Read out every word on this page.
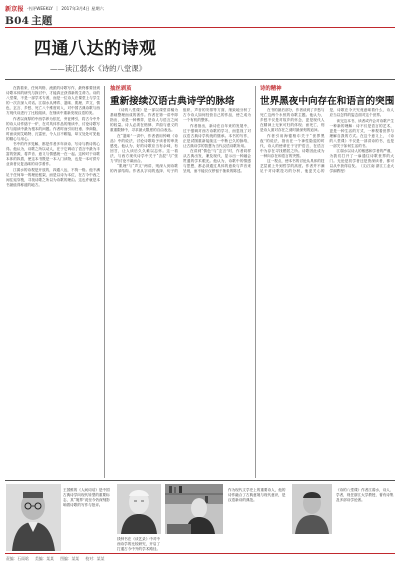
新京报 ·书评WEEKLY │ 2017年3月4日 星期六
B04 主题
四通八达的诗观
——读江弱水《诗的八堂课》

在我看来，任何风格、流派的诗歌写作，最终都要回到诗歌本体的研究与探讨中，才能真正获得新的生命力。诗的八堂课，不是一部学术专著，而是一位诗人在课堂上与学生的一次次深入对话。江弱水从博弈、滋味、肌理、声文、情色、玄言、乡愁、死亡八个维度切入，对中国古典诗歌与西方现代诗进行了比较阅读，在细读中重新发现汉语的美。

作者以深厚的中西学养为依托，旁征博引，将古今中外的诗人诗作熔于一炉，在对具体作品的细读中，讨论诗歌写作与阅读中最为根本的问题。作者时而引用杜甫、李商隐，时而谈到艾略特、瓦雷里，令人目不暇接，却又处处可见他的精心与用心。

书中的许多见解，都是作者多年读诗、写诗与教诗的心得。他认为，诗歌之所以动人，在于它调动了语言中最为丰富的资源，将声音、意义与情感统一在一起。这种对于诗歌本体的执着，使这本书既是一本入门读物，也是一本可供专业读者反复品味的诗学著作。

江弱水的诗观是开放的，四通八达，不拘一格。他不满足于任何单一的理论框架，而是以诗为本位，在古今中西之间往返穿梭，寻找诗歌之所以为诗歌的理由。这也许就是本书最值得称道的地方。

抽丝剥茧
重新接续汉语古典诗学的脉络

《诗的八堂课》是一部以课堂讲稿为基础整理而成的著作。作者在第一讲中即指出，诗是一种博弈，是诗人与语言之间的较量。诗人必须在格律、声韵与意义的重重限制中，寻求最大限度的自由表达。

在“滋味”一讲中，作者借用钟嵘《诗品》中的说法，讨论诗歌给予读者的审美感受。他认为，好的诗歌应当有余味，有回甘，让人读后久久难以忘怀。这一看法，与西方现代诗学中关于“含混”与“张力”的讨论不谋而合。

“肌理”与“声文”两讲，则深入到诗歌的内部结构。作者从字词的选择、句子的组织、声音的安排等方面，细致地分析了古今诗人如何经营自己的作品，使之成为一个有机的整体。

作者指出，新诗在百年来的发展中，过于强调对西方诗歌的学习，而忽视了对汉语古典诗学传统的继承。本书的写作，正是试图重新接续这一中断已久的脉络，让古典诗学的智慧为当代汉语诗歌所用。

在讲到“情色”与“玄言”时，作者同样从古典出发，兼及现代，显示出一种融会贯通的学术眼光。他认为，诗歌中的情感与思想，都必须通过具体的意象与声音来呈现，而不能仅仅停留于抽象的陈述。

诗的精神
世界黑夜中向存在和语言的突围

在书的最后部分，作者谈到了乡愁与死亡这两个永恒的诗歌主题。他认为，乡愁不仅是对故乡的怀念，更是现代人在精神上无家可归的体现；而死亡，则是诗人面对存在之谜时最深刻的追问。

作者引用海德格尔关于“世界黑夜”的说法，指出在一个神性隐退的时代，诗人的使命在于守护语言，在语言中为存在寻找栖居之所。诗歌因此成为一种向存在和语言的突围。

这一观点，使本书的讨论从具体的技艺层面上升到哲学的高度。作者并不满足于对诗歌技巧的分析，他更关心的是，诗歌在今天究竟意味着什么，诗人应当以怎样的姿态面对这个世界。

读完这本书，读者或许会对诗歌产生一种新的理解：诗不仅是语言的艺术，更是一种生活的方式，一种观看世界与理解自我的方式。在这个意义上，《诗的八堂课》不仅是一部讲诗的书，也是一部关于如何生活的书。

江弱水以诗人的敏感和学者的严谨，为我们打开了一扇通往诗歌世界的大门。无论是初学者还是资深读者，都可以从中获得启发。（文/江南 浙江工业大学副教授）

王国维的《人间词话》是中国古典诗学向现代转型的重要标志，其“境界”说至今仍深刻影响着诗歌的写作与批评。

钱钟书在《谈艺录》中对中西诗学的比较研究，开启了打通古今中外的学术路径。

作为现代文学史上的重要诗人，他的诗作融合了古典意境与现代意识，是汉语新诗的典范。

《诗的八堂课》作者江弱水，诗人、学者，现任浙江大学教授，著有诗集及多部诗学论著。

责编：石雨晗 美编：某某 图编：某某 校对：某某
